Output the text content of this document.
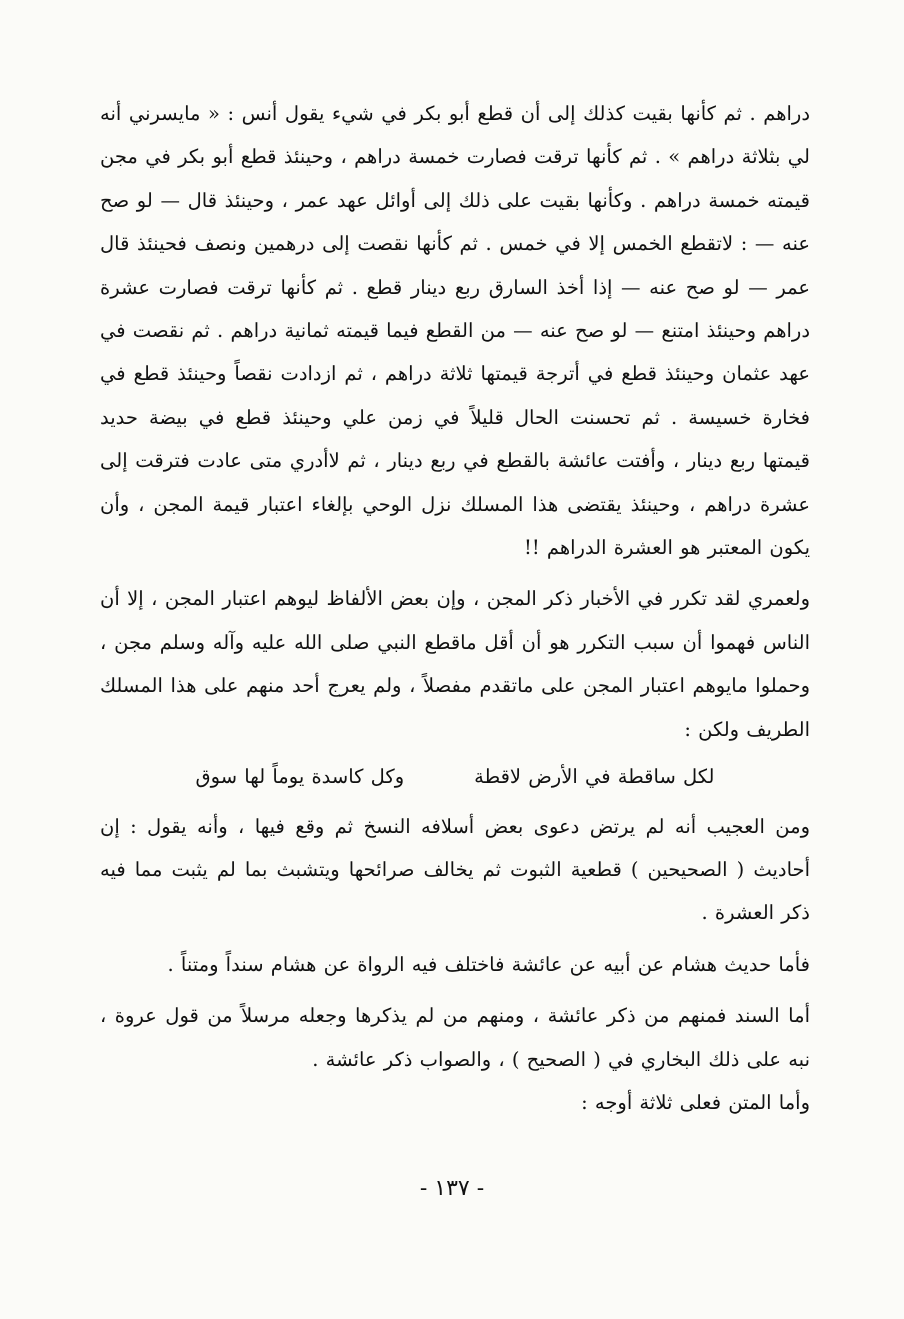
دراهم . ثم كأنها بقيت كذلك إلى أن قطع أبو بكر في شيء يقول أنس : « مايسرني أنه لي بثلاثة دراهم » . ثم كأنها ترقت فصارت خمسة دراهم ، وحينئذ قطع أبو بكر في مجن قيمته خمسة دراهم . وكأنها بقيت على ذلك إلى أوائل عهد عمر ، وحينئذ قال — لو صح عنه — : لاتقطع الخمس إلا في خمس . ثم كأنها نقصت إلى درهمين ونصف فحينئذ قال عمر — لو صح عنه — إذا أخذ السارق ربع دينار قطع . ثم كأنها ترقت فصارت عشرة دراهم وحينئذ امتنع — لو صح عنه — من القطع فيما قيمته ثمانية دراهم . ثم نقصت في عهد عثمان وحينئذ قطع في أترجة قيمتها ثلاثة دراهم ، ثم ازدادت نقصاً وحينئذ قطع في فخارة خسيسة . ثم تحسنت الحال قليلاً في زمن علي وحينئذ قطع في بيضة حديد قيمتها ربع دينار ، وأفتت عائشة بالقطع في ربع دينار ، ثم لاأدري متى عادت فترقت إلى عشرة دراهم ، وحينئذ يقتضى هذا المسلك نزل الوحي بإلغاء اعتبار قيمة المجن ، وأن يكون المعتبر هو العشرة الدراهم !!

ولعمري لقد تكرر في الأخبار ذكر المجن ، وإن بعض الألفاظ ليوهم اعتبار المجن ، إلا أن الناس فهموا أن سبب التكرر هو أن أقل ماقطع النبي صلى الله عليه وآله وسلم مجن ، وحملوا مايوهم اعتبار المجن على ماتقدم مفصلاً ، ولم يعرج أحد منهم على هذا المسلك الطريف ولكن :

لكل ساقطة في الأرض لاقطة
وكل كاسدة يوماً لها سوق

ومن العجيب أنه لم يرتض دعوى بعض أسلافه النسخ ثم وقع فيها ، وأنه يقول : إن أحاديث ( الصحيحين ) قطعية الثبوت ثم يخالف صرائحها ويتشبث بما لم يثبت مما فيه ذكر العشرة .

فأما حديث هشام عن أبيه عن عائشة فاختلف فيه الرواة عن هشام سنداً ومتناً .

أما السند فمنهم من ذكر عائشة ، ومنهم من لم يذكرها وجعله مرسلاً من قول عروة ، نبه على ذلك البخاري في ( الصحيح ) ، والصواب ذكر عائشة .

وأما المتن فعلى ثلاثة أوجه :

- ١٣٧ -
